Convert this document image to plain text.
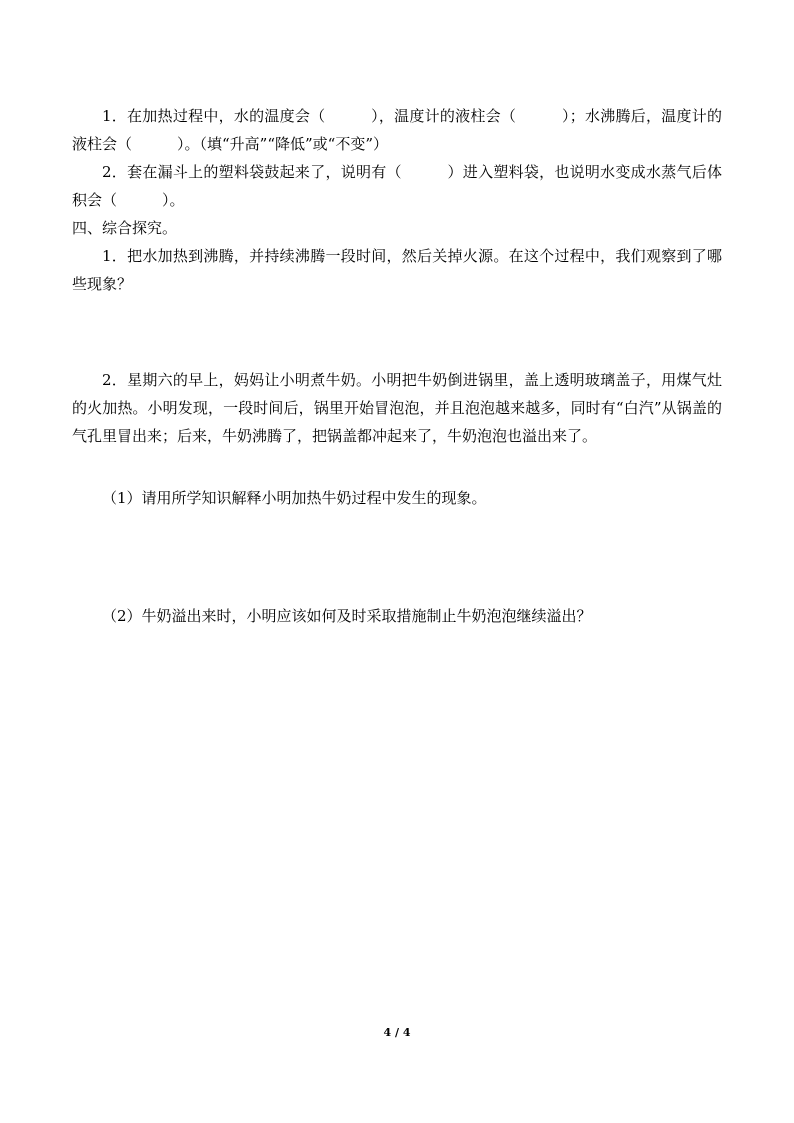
1．在加热过程中，水的温度会（　　　），温度计的液柱会（　　　）；水沸腾后，温度计的液柱会（　　　）。（填“升高”“降低”或“不变”）

2．套在漏斗上的塑料袋鼓起来了，说明有（　　　）进入塑料袋，也说明水变成水蒸气后体积会（　　　）。

四、综合探究。

1．把水加热到沸腾，并持续沸腾一段时间，然后关掉火源。在这个过程中，我们观察到了哪些现象？

2．星期六的早上，妈妈让小明煮牛奶。小明把牛奶倒进锅里，盖上透明玻璃盖子，用煤气灶的火加热。小明发现，一段时间后，锅里开始冒泡泡，并且泡泡越来越多，同时有“白汽”从锅盖的气孔里冒出来；后来，牛奶沸腾了，把锅盖都冲起来了，牛奶泡泡也溢出来了。

（1）请用所学知识解释小明加热牛奶过程中发生的现象。

（2）牛奶溢出来时，小明应该如何及时采取措施制止牛奶泡泡继续溢出？

4 / 4
